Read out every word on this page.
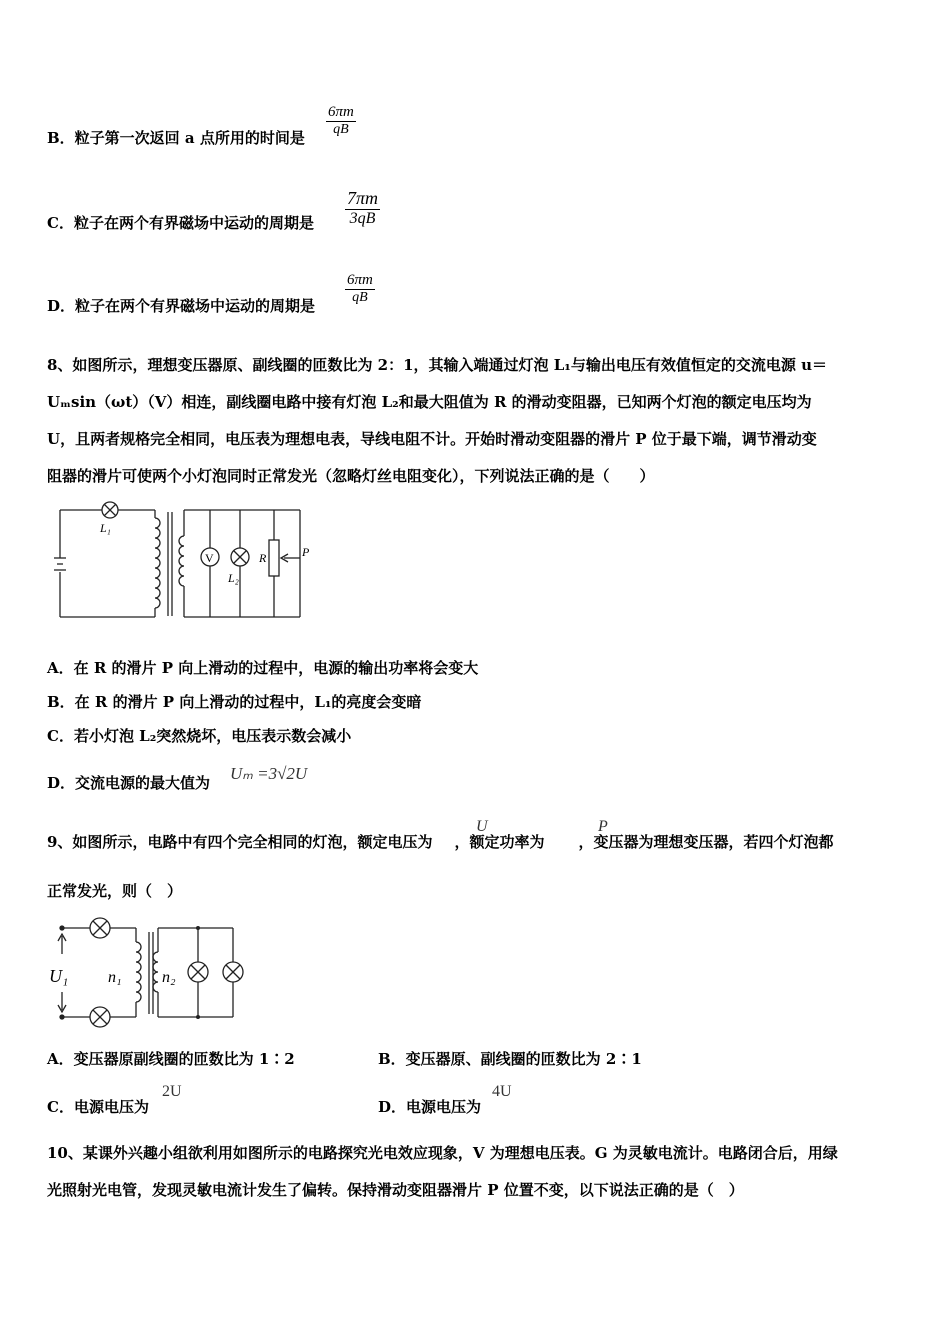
B．粒子第一次返回 a 点所用的时间是 $\frac{6\pi m}{qB}$
C．粒子在两个有界磁场中运动的周期是 $\frac{7\pi m}{3qB}$
D．粒子在两个有界磁场中运动的周期是 $\frac{6\pi m}{qB}$
8、如图所示，理想变压器原、副线圈的匝数比为 2：1，其输入端通过灯泡 L₁与输出电压有效值恒定的交流电源 u＝
Uₘsin（ωt）（V）相连，副线圈电路中接有灯泡 L₂和最大阻值为 R 的滑动变阻器，已知两个灯泡的额定电压均为
U，且两者规格完全相同，电压表为理想电表，导线电阻不计。开始时滑动变阻器的滑片 P 位于最下端，调节滑动变
阻器的滑片可使两个小灯泡同时正常发光（忽略灯丝电阻变化），下列说法正确的是（　　）
L₁
V
L₂
R	P
A．在 R 的滑片 P 向上滑动的过程中，电源的输出功率将会变大
B．在 R 的滑片 P 向上滑动的过程中，L₁的亮度会变暗
C．若小灯泡 L₂突然烧坏，电压表示数会减小
D．交流电源的最大值为 Uₘ =3√2U
9、如图所示，电路中有四个完全相同的灯泡，额定电压为 ，额定功率为 ，变压器为理想变压器，若四个灯泡都
U	P
正常发光，则（　）
U₁ n₁	n₂
A．变压器原副线圈的匝数比为 1∶2	B．变压器原、副线圈的匝数比为 2∶1
C．电源电压为
2U
D．电源电压为
4U
10、某课外兴趣小组欲利用如图所示的电路探究光电效应现象，V 为理想电压表。G 为灵敏电流计。电路闭合后，用绿
光照射光电管，发现灵敏电流计发生了偏转。保持滑动变阻器滑片 P 位置不变，以下说法正确的是（　）
